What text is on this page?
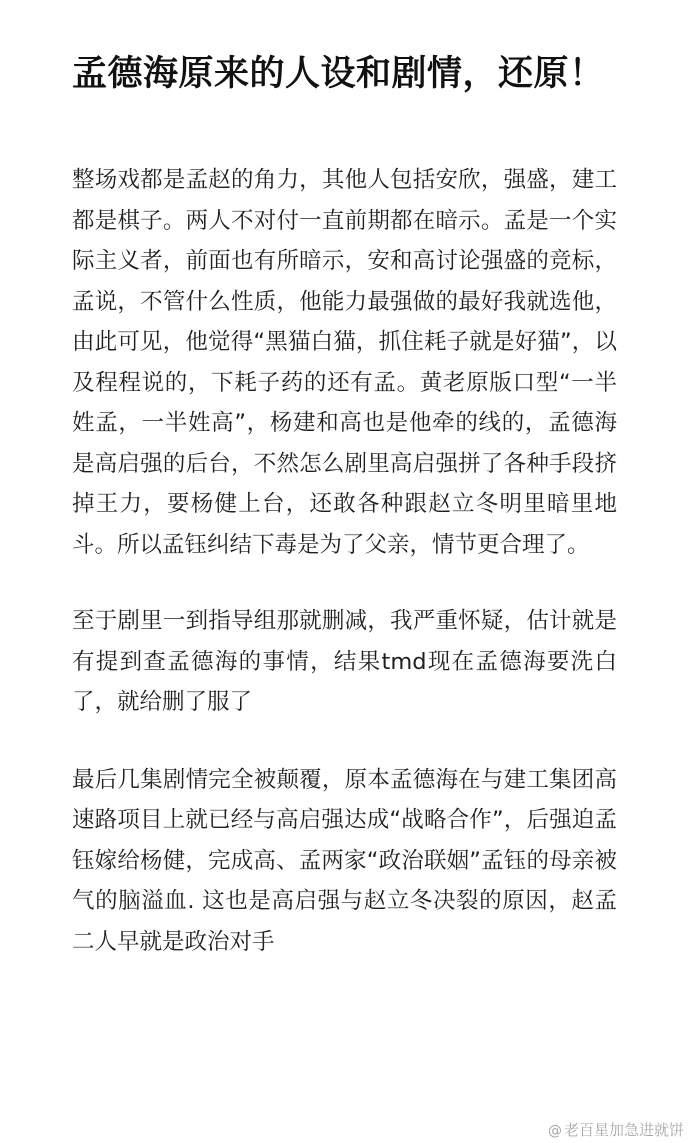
孟德海原来的人设和剧情，还原！

整场戏都是孟赵的角力，其他人包括安欣，强盛，建工都是棋子。两人不对付一直前期都在暗示。孟是一个实际主义者，前面也有所暗示，安和高讨论强盛的竞标，孟说，不管什么性质，他能力最强做的最好我就选他，由此可见，他觉得“黑猫白猫，抓住耗子就是好猫”，以及程程说的，下耗子药的还有孟。黄老原版口型“一半姓孟，一半姓高”，杨建和高也是他牵的线的，孟德海是高启强的后台，不然怎么剧里高启强拼了各种手段挤掉王力，要杨健上台，还敢各种跟赵立冬明里暗里地斗。所以孟钰纠结下毒是为了父亲，情节更合理了。

至于剧里一到指导组那就删减，我严重怀疑，估计就是有提到查孟德海的事情，结果tmd现在孟德海要洗白了，就给删了服了

最后几集剧情完全被颠覆，原本孟德海在与建工集团高速路项目上就已经与高启强达成“战略合作”，后强迫孟钰嫁给杨健，完成高、孟两家“政治联姻”孟钰的母亲被气的脑溢血. 这也是高启强与赵立冬决裂的原因，赵孟二人早就是政治对手

@ 老百星加急进就饼
